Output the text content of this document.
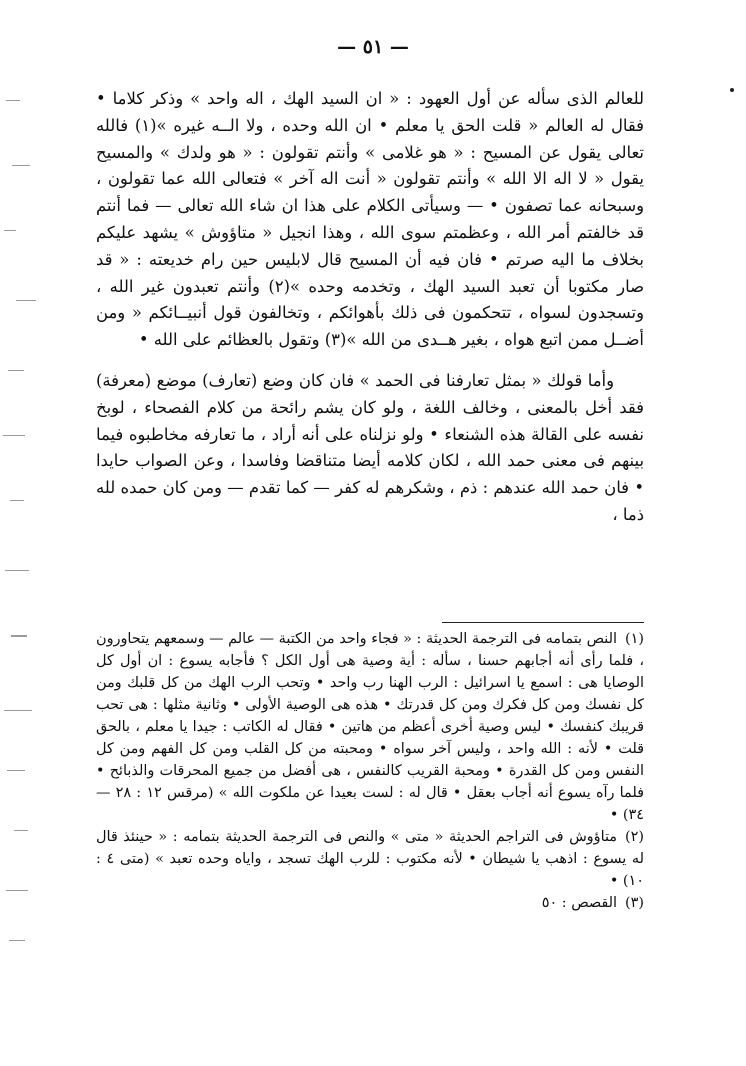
— ٥١ —

للعالم الذى سأله عن أول العهود : « ان السيد الهك ، اله واحد » وذكر كلاما • فقال له العالم « قلت الحق يا معلم • ان الله وحده ، ولا الــه غيره »(١) فالله تعالى يقول عن المسيح : « هو غلامى » وأنتم تقولون : « هو ولدك » والمسيح يقول « لا اله الا الله » وأنتم تقولون « أنت اله آخر » فتعالى الله عما تقولون ، وسبحانه عما تصفون • — وسيأتى الكلام على هذا ان شاء الله تعالى — فما أنتم قد خالفتم أمر الله ، وعظمتم سوى الله ، وهذا انجيل « متاؤوش » يشهد عليكم بخلاف ما اليه صرتم • فان فيه أن المسيح قال لابليس حين رام خديعته : « قد صار مكتوبا أن تعبد السيد الهك ، وتخدمه وحده »(٢) وأنتم تعبدون غير الله ، وتسجدون لسواه ، تتحكمون فى ذلك بأهوائكم ، وتخالفون قول أنبيــائكم « ومن أضــل ممن اتبع هواه ، بغير هــدى من الله »(٣) وتقول بالعظائم على الله •

وأما قولك « بمثل تعارفنا فى الحمد » فان كان وضع (تعارف) موضع (معرفة) فقد أخل بالمعنى ، وخالف اللغة ، ولو كان يشم رائحة من كلام الفصحاء ، لوبخ نفسه على القالة هذه الشنعاء • ولو نزلناه على أنه أراد ، ما تعارفه مخاطبوه فيما بينهم فى معنى حمد الله ، لكان كلامه أيضا متناقضا وفاسدا ، وعن الصواب حايدا • فان حمد الله عندهم : ذم ، وشكرهم له كفر — كما تقدم — ومن كان حمده لله ذما ،

(١)النص بتمامه فى الترجمة الحديثة : « فجاء واحد من الكتبة — عالم — وسمعهم يتحاورون ، فلما رأى أنه أجابهم حسنا ، سأله : أية وصية هى أول الكل ؟ فأجابه يسوع : ان أول كل الوصايا هى : اسمع يا اسرائيل : الرب الهنا رب واحد • وتحب الرب الهك من كل قلبك ومن كل نفسك ومن كل فكرك ومن كل قدرتك • هذه هى الوصية الأولى • وثانية مثلها : هى تحب قريبك كنفسك • ليس وصية أخرى أعظم من هاتين • فقال له الكاتب : جيدا يا معلم ، بالحق قلت • لأنه : الله واحد ، وليس آخر سواه • ومحبته من كل القلب ومن كل الفهم ومن كل النفس ومن كل القدرة • ومحبة القريب كالنفس ، هى أفضل من جميع المحرقات والذبائح • فلما رآه يسوع أنه أجاب بعقل • قال له : لست بعيدا عن ملكوت الله » (مرقس ١٢ : ٢٨ — ٣٤) •

(٢)متاؤوش فى التراجم الحديثة « متى » والنص فى الترجمة الحديثة بتمامه : « حينئذ قال له يسوع : اذهب يا شيطان • لأنه مكتوب : للرب الهك تسجد ، واياه وحده تعبد » (متى ٤ : ١٠) •

(٣)القصص : ٥٠
